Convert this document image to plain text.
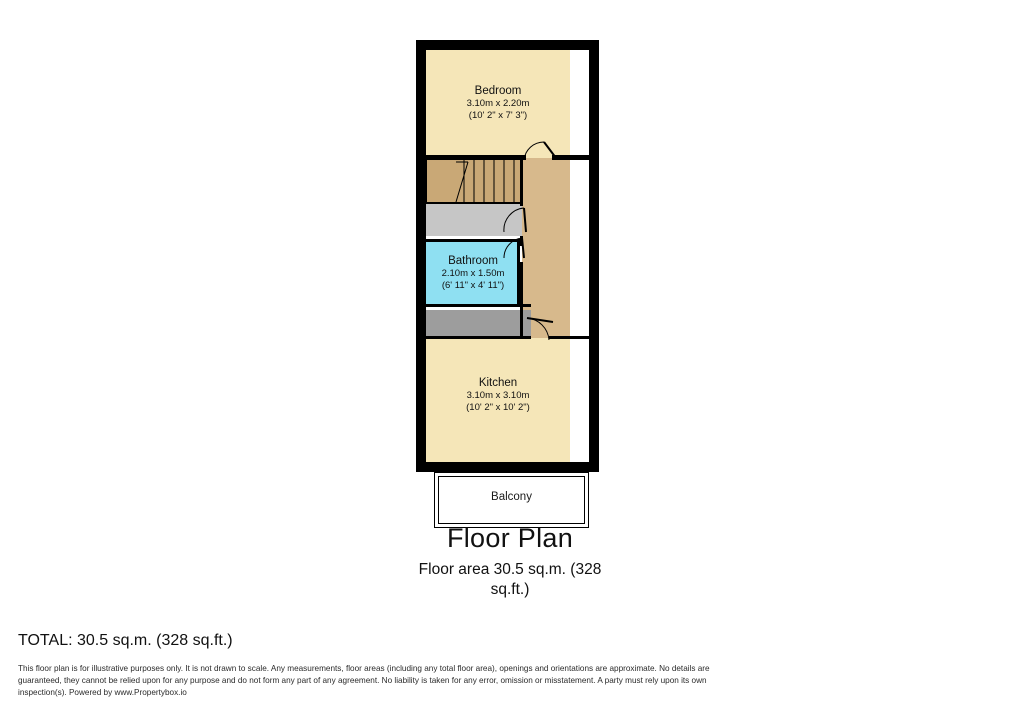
Bedroom
3.10m x 2.20m
(10' 2" x 7' 3")
Bathroom
2.10m x 1.50m
(6' 11" x 4' 11")
Kitchen
3.10m x 3.10m
(10' 2" x 10' 2")
Balcony
Floor Plan
Floor area 30.5 sq.m. (328 sq.ft.)
TOTAL: 30.5 sq.m. (328 sq.ft.)
This floor plan is for illustrative purposes only. It is not drawn to scale. Any measurements, floor areas (including any total floor area), openings and orientations are approximate. No details are guaranteed, they cannot be relied upon for any purpose and do not form any part of any agreement. No liability is taken for any error, omission or misstatement. A party must rely upon its own inspection(s). Powered by www.Propertybox.io
